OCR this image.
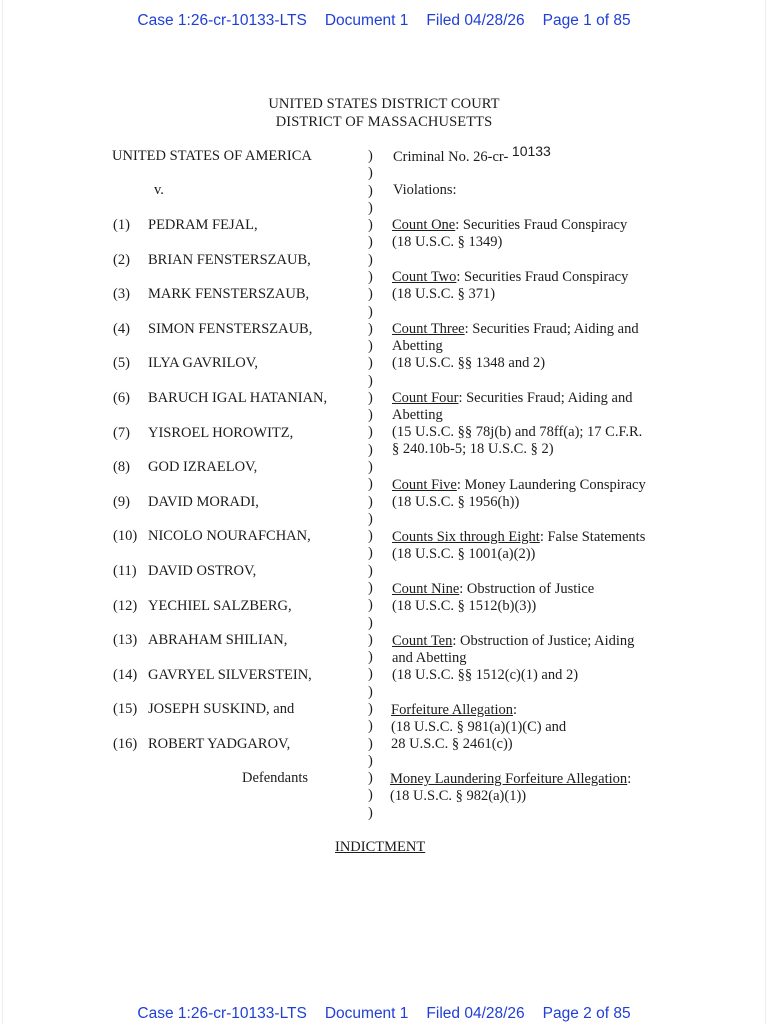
Case 1:26-cr-10133-LTS Document 1 Filed 04/28/26 Page 1 of 85
UNITED STATES DISTRICT COURT
DISTRICT OF MASSACHUSETTS
UNITED STATES OF AMERICA
v.
(1) PEDRAM FEJAL,
(2) BRIAN FENSTERSZAUB,
(3) MARK FENSTERSZAUB,
(4) SIMON FENSTERSZAUB,
(5) ILYA GAVRILOV,
(6) BARUCH IGAL HATANIAN,
(7) YISROEL HOROWITZ,
(8) GOD IZRAELOV,
(9) DAVID MORADI,
(10) NICOLO NOURAFCHAN,
(11) DAVID OSTROV,
(12) YECHIEL SALZBERG,
(13) ABRAHAM SHILIAN,
(14) GAVRYEL SILVERSTEIN,
(15) JOSEPH SUSKIND, and
(16) ROBERT YADGAROV,
Defendants
)
)
)
)
)
)
)
)
)
)
)
)
)
)
)
)
)
)
)
)
)
)
)
)
)
)
)
)
)
)
)
)
)
)
)
)
)
)
)
Criminal No. 26-cr- 10133
Violations:
Count One: Securities Fraud Conspiracy
(18 U.S.C. § 1349)
Count Two: Securities Fraud Conspiracy
(18 U.S.C. § 371)
Count Three: Securities Fraud; Aiding and
Abetting
(18 U.S.C. §§ 1348 and 2)
Count Four: Securities Fraud; Aiding and
Abetting
(15 U.S.C. §§ 78j(b) and 78ff(a); 17 C.F.R.
§ 240.10b-5; 18 U.S.C. § 2)
Count Five: Money Laundering Conspiracy
(18 U.S.C. § 1956(h))
Counts Six through Eight: False Statements
(18 U.S.C. § 1001(a)(2))
Count Nine: Obstruction of Justice
(18 U.S.C. § 1512(b)(3))
Count Ten: Obstruction of Justice; Aiding
and Abetting
(18 U.S.C. §§ 1512(c)(1) and 2)
Forfeiture Allegation:
(18 U.S.C. § 981(a)(1)(C) and
28 U.S.C. § 2461(c))
Money Laundering Forfeiture Allegation:
(18 U.S.C. § 982(a)(1))
INDICTMENT
Case 1:26-cr-10133-LTS Document 1 Filed 04/28/26 Page 2 of 85
